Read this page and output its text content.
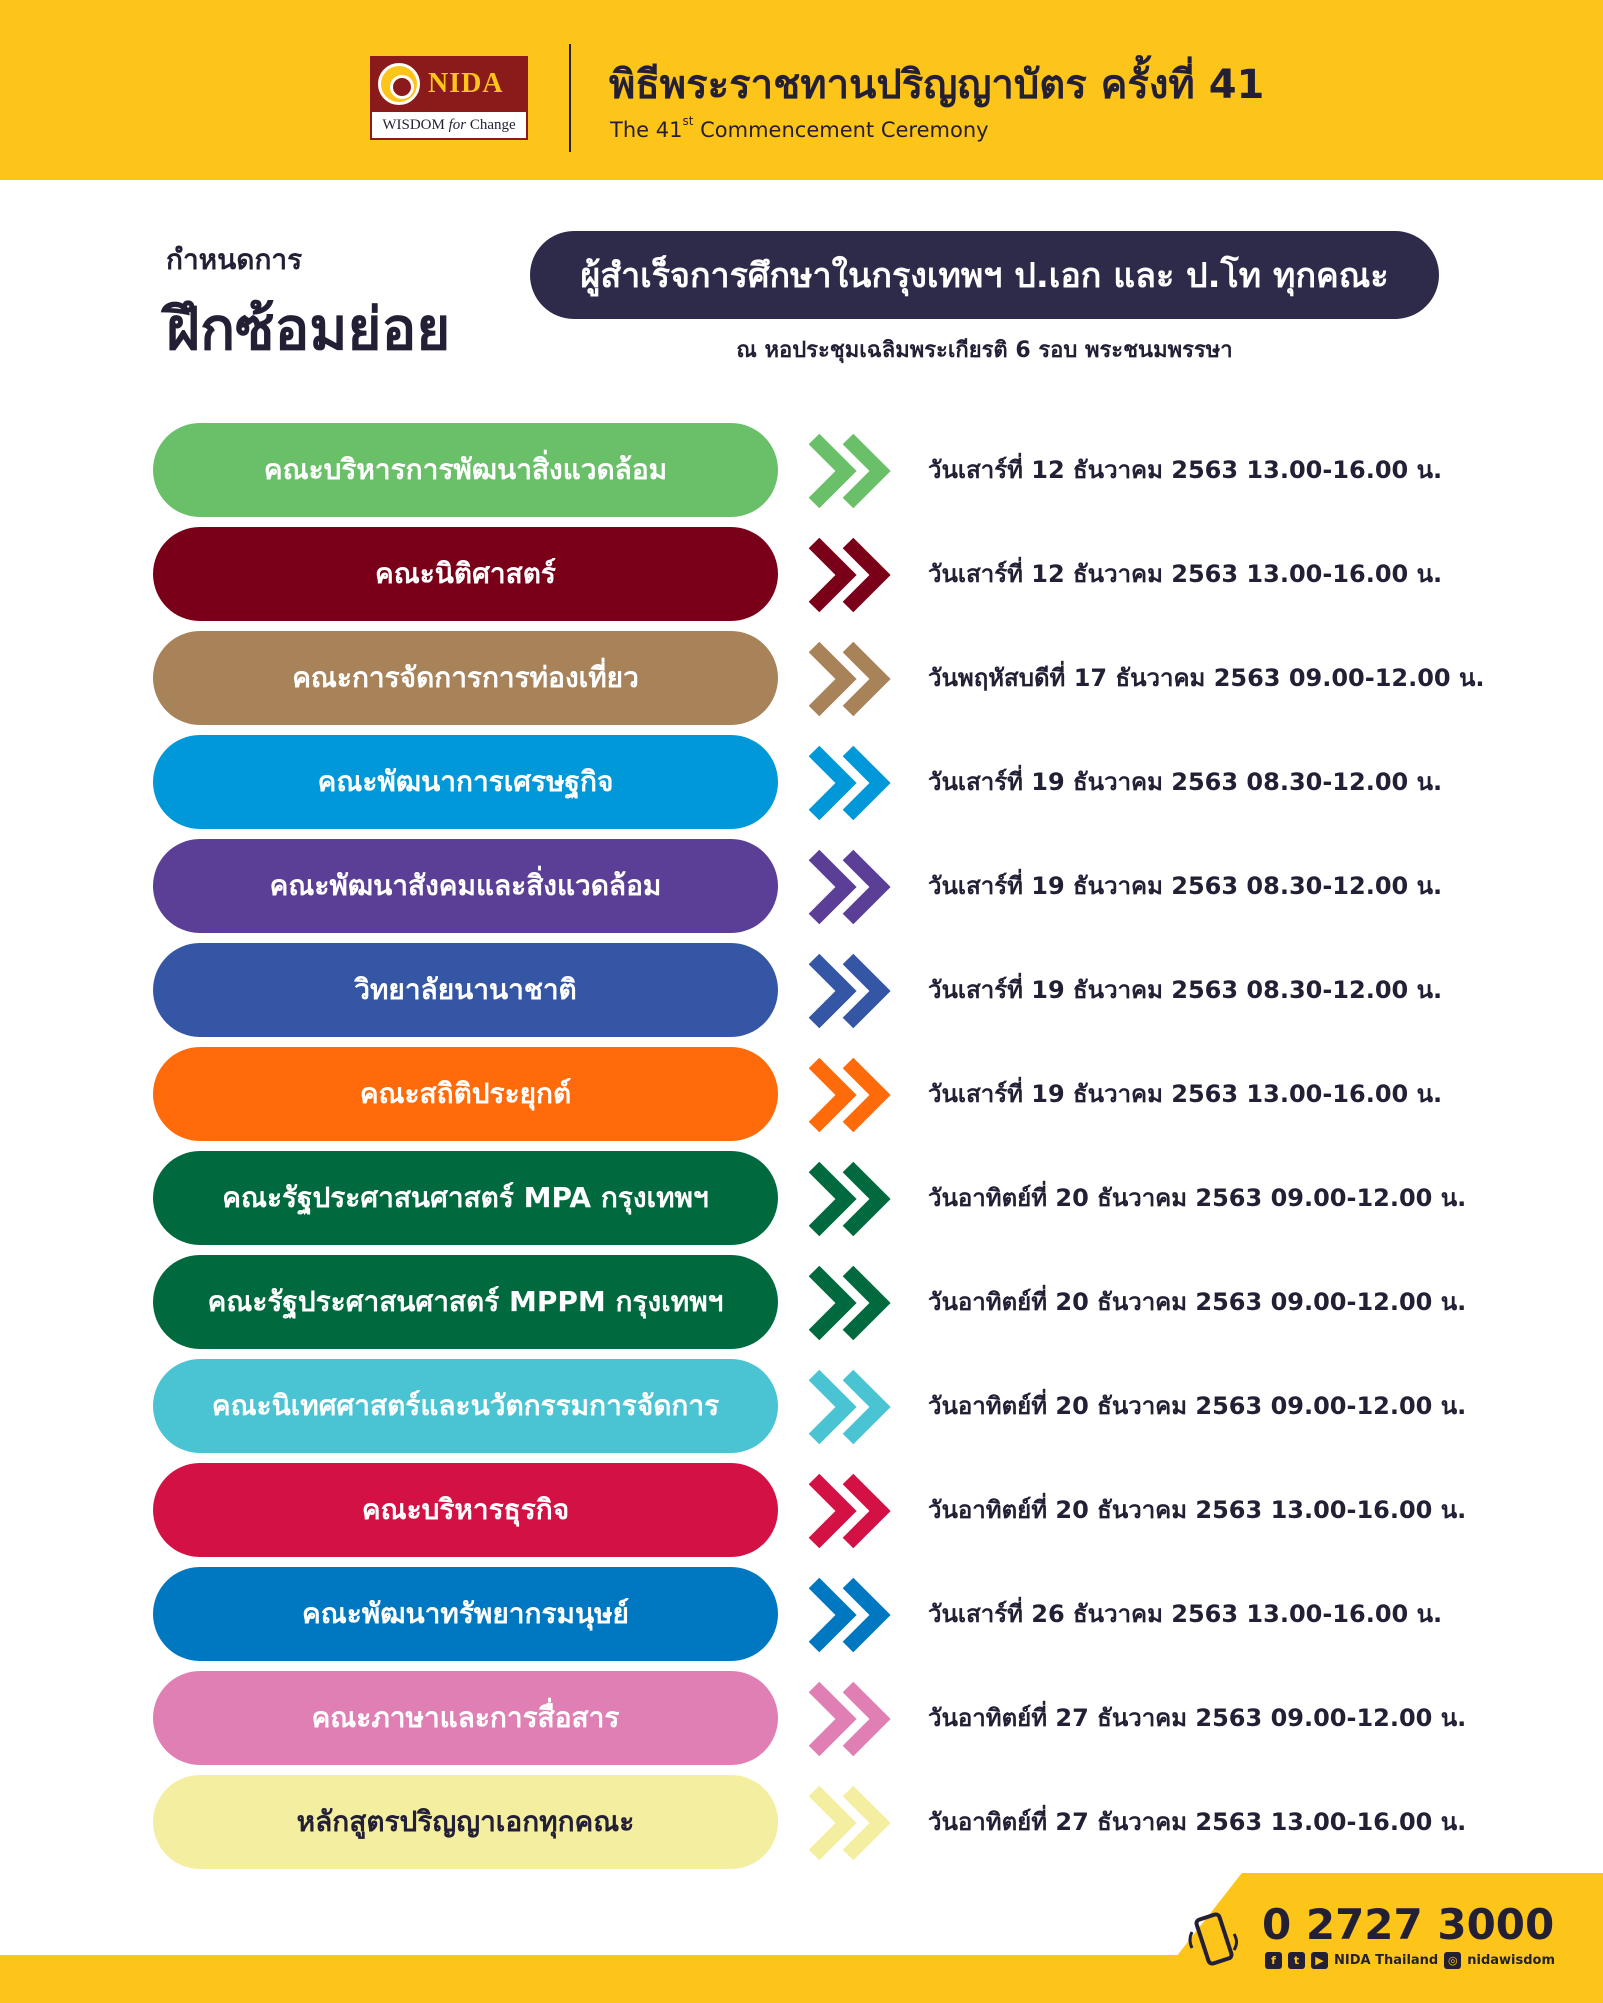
NIDA
WISDOM
for
Change
พิธีพระราชทานปริญญาบัตร ครั้งที่ 41
The 41st Commencement Ceremony
กำหนดการ
ฝึกซ้อมย่อย
ผู้สำเร็จการศึกษาในกรุงเทพฯ ป.เอก และ ป.โท ทุกคณะ
ณ หอประชุมเฉลิมพระเกียรติ 6 รอบ พระชนมพรรษา
คณะบริหารการพัฒนาสิ่งแวดล้อม	วันเสาร์ที่ 12 ธันวาคม 2563 13.00-16.00 น.
คณะนิติศาสตร์	วันเสาร์ที่ 12 ธันวาคม 2563 13.00-16.00 น.
คณะการจัดการการท่องเที่ยว	วันพฤหัสบดีที่ 17 ธันวาคม 2563 09.00-12.00 น.
คณะพัฒนาการเศรษฐกิจ	วันเสาร์ที่ 19 ธันวาคม 2563 08.30-12.00 น.
คณะพัฒนาสังคมและสิ่งแวดล้อม	วันเสาร์ที่ 19 ธันวาคม 2563 08.30-12.00 น.
วิทยาลัยนานาชาติ	วันเสาร์ที่ 19 ธันวาคม 2563 08.30-12.00 น.
คณะสถิติประยุกต์	วันเสาร์ที่ 19 ธันวาคม 2563 13.00-16.00 น.
คณะรัฐประศาสนศาสตร์ MPA กรุงเทพฯ	วันอาทิตย์ที่ 20 ธันวาคม 2563 09.00-12.00 น.
คณะรัฐประศาสนศาสตร์ MPPM กรุงเทพฯ	วันอาทิตย์ที่ 20 ธันวาคม 2563 09.00-12.00 น.
คณะนิเทศศาสตร์และนวัตกรรมการจัดการ	วันอาทิตย์ที่ 20 ธันวาคม 2563 09.00-12.00 น.
คณะบริหารธุรกิจ	วันอาทิตย์ที่ 20 ธันวาคม 2563 13.00-16.00 น.
คณะพัฒนาทรัพยากรมนุษย์	วันเสาร์ที่ 26 ธันวาคม 2563 13.00-16.00 น.
คณะภาษาและการสื่อสาร	วันอาทิตย์ที่ 27 ธันวาคม 2563 09.00-12.00 น.
หลักสูตรปริญญาเอกทุกคณะ	วันอาทิตย์ที่ 27 ธันวาคม 2563 13.00-16.00 น.
0 2727 3000
f	t	▶ NIDA Thailand ◎ nidawisdom
